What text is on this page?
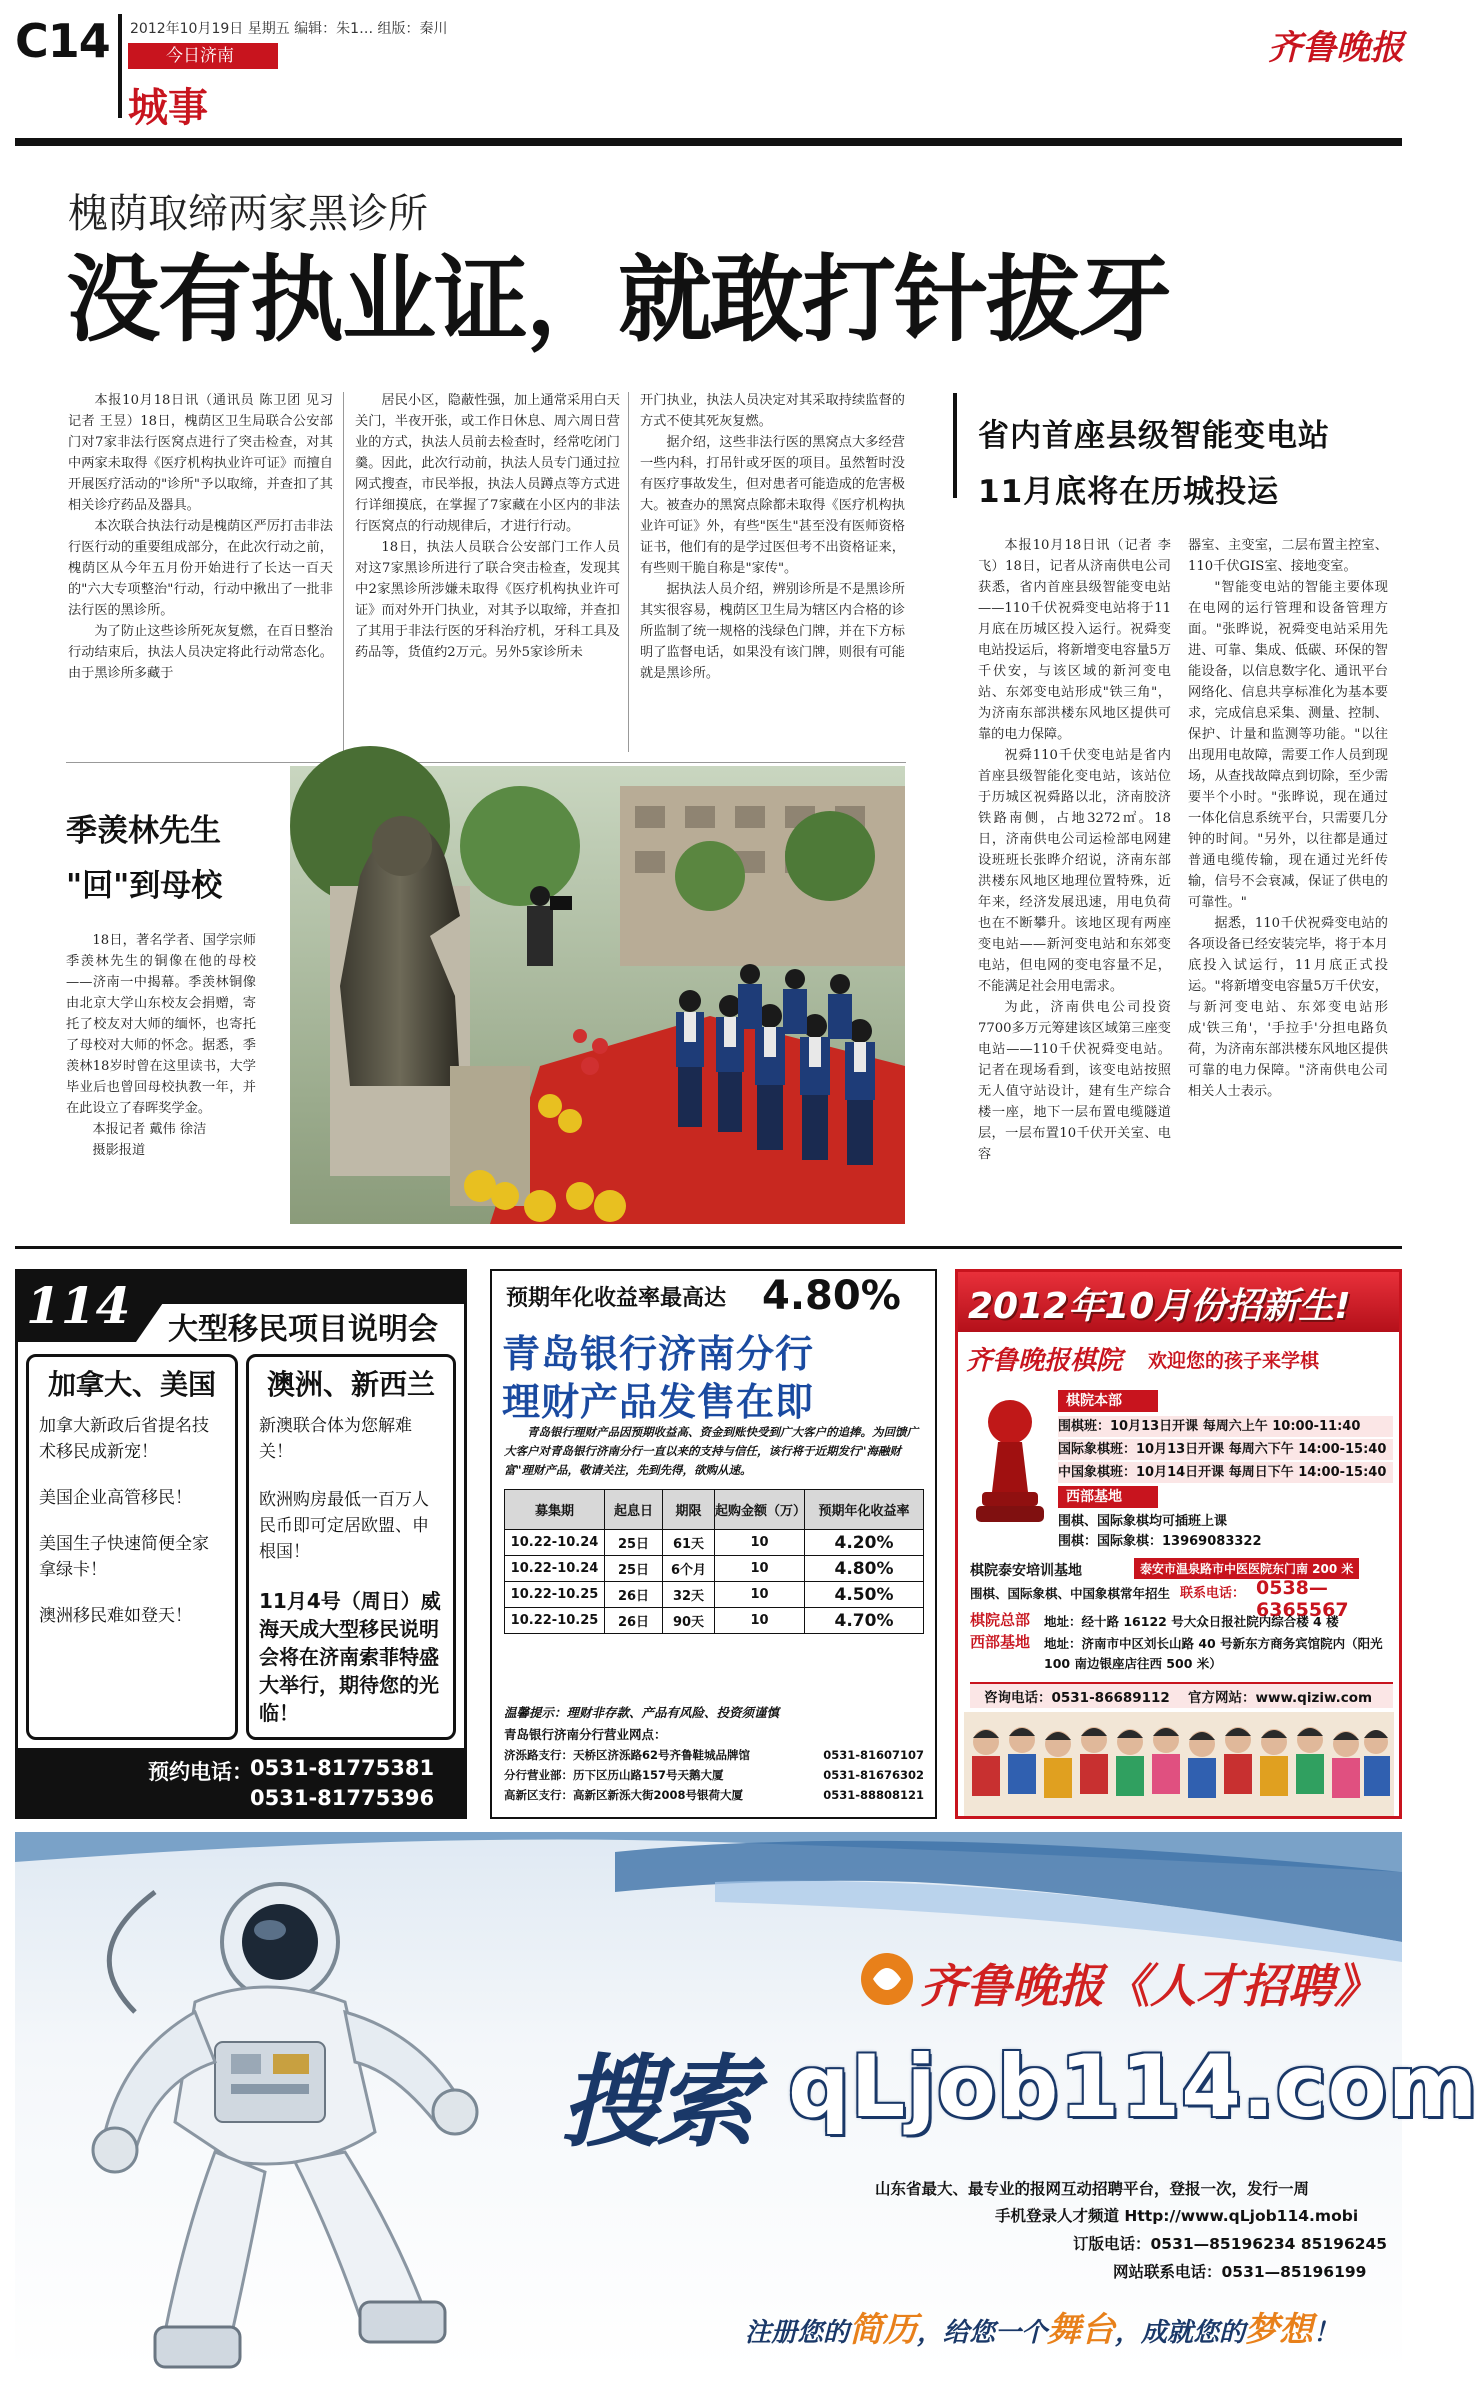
C14 2012年10月19日 星期五 编辑：朱1… 组版：秦川
今日济南
城事
齐鲁晚报
槐荫取缔两家黑诊所
没有执业证，就敢打针拔牙

本报10月18日讯（通讯员 陈卫团 见习记者 王昱）18日，槐荫区卫生局联合公安部门对7家非法行医窝点进行了突击检查，对其中两家未取得《医疗机构执业许可证》而擅自开展医疗活动的"诊所"予以取缔，并查扣了其相关诊疗药品及器具。

本次联合执法行动是槐荫区严厉打击非法行医行动的重要组成部分，在此次行动之前，槐荫区从今年五月份开始进行了长达一百天的"六大专项整治"行动，行动中揪出了一批非法行医的黑诊所。

为了防止这些诊所死灰复燃，在百日整治行动结束后，执法人员决定将此行动常态化。由于黑诊所多藏于

居民小区，隐蔽性强，加上通常采用白天关门，半夜开张，或工作日休息、周六周日营业的方式，执法人员前去检查时，经常吃闭门羹。因此，此次行动前，执法人员专门通过拉网式搜查，市民举报，执法人员蹲点等方式进行详细摸底，在掌握了7家藏在小区内的非法行医窝点的行动规律后，才进行行动。

18日，执法人员联合公安部门工作人员对这7家黑诊所进行了联合突击检查，发现其中2家黑诊所涉嫌未取得《医疗机构执业许可证》而对外开门执业，对其予以取缔，并查扣了其用于非法行医的牙科治疗机，牙科工具及药品等，货值约2万元。另外5家诊所未

开门执业，执法人员决定对其采取持续监督的方式不使其死灰复燃。

据介绍，这些非法行医的黑窝点大多经营一些内科，打吊针或牙医的项目。虽然暂时没有医疗事故发生，但对患者可能造成的危害极大。被查办的黑窝点除都未取得《医疗机构执业许可证》外，有些"医生"甚至没有医师资格证书，他们有的是学过医但考不出资格证来，有些则干脆自称是"家传"。

据执法人员介绍，辨别诊所是不是黑诊所其实很容易，槐荫区卫生局为辖区内合格的诊所监制了统一规格的浅绿色门牌，并在下方标明了监督电话，如果没有该门牌，则很有可能就是黑诊所。

省内首座县级智能变电站
11月底将在历城投运

本报10月18日讯（记者 李飞）18日，记者从济南供电公司获悉，省内首座县级智能变电站——110千伏祝舜变电站将于11月底在历城区投入运行。祝舜变电站投运后，将新增变电容量5万千伏安，与该区域的新河变电站、东郊变电站形成"铁三角"，为济南东部洪楼东风地区提供可靠的电力保障。

祝舜110千伏变电站是省内首座县级智能化变电站，该站位于历城区祝舜路以北，济南胶济铁路南侧，占地3272㎡。18日，济南供电公司运检部电网建设班班长张晔介绍说，济南东部洪楼东风地区地理位置特殊，近年来，经济发展迅速，用电负荷也在不断攀升。该地区现有两座变电站——新河变电站和东郊变电站，但电网的变电容量不足，不能满足社会用电需求。

为此，济南供电公司投资7700多万元筹建该区域第三座变电站——110千伏祝舜变电站。记者在现场看到，该变电站按照无人值守站设计，建有生产综合楼一座，地下一层布置电缆隧道层，一层布置10千伏开关室、电容

器室、主变室，二层布置主控室、110千伏GIS室、接地变室。

"智能变电站的智能主要体现在电网的运行管理和设备管理方面。"张晔说，祝舜变电站采用先进、可靠、集成、低碳、环保的智能设备，以信息数字化、通讯平台网络化、信息共享标准化为基本要求，完成信息采集、测量、控制、保护、计量和监测等功能。"以往出现用电故障，需要工作人员到现场，从查找故障点到切除，至少需要半个小时。"张晔说，现在通过一体化信息系统平台，只需要几分钟的时间。"另外，以往都是通过普通电缆传输，现在通过光纤传输，信号不会衰减，保证了供电的可靠性。"

据悉，110千伏祝舜变电站的各项设备已经安装完毕，将于本月底投入试运行，11月底正式投运。"将新增变电容量5万千伏安，与新河变电站、东郊变电站形成'铁三角'，'手拉手'分担电路负荷，为济南东部洪楼东风地区提供可靠的电力保障。"济南供电公司相关人士表示。

季羡林先生
"回"到母校

18日，著名学者、国学宗师季羡林先生的铜像在他的母校——济南一中揭幕。季羡林铜像由北京大学山东校友会捐赠，寄托了校友对大师的缅怀，也寄托了母校对大师的怀念。据悉，季羡林18岁时曾在这里读书，大学毕业后也曾回母校执教一年，并在此设立了春晖奖学金。

本报记者 戴伟 徐洁
摄影报道
114 大型移民项目说明会
加拿大、美国
加拿大新政后省提名技术移民成新宠！
美国企业高管移民！
美国生子快速简便全家拿绿卡！
澳洲移民难如登天！
澳洲、新西兰
新澳联合体为您解难关！
欧洲购房最低一百万人民币即可定居欧盟、申根国！
11月4号（周日）威海天成大型移民说明会将在济南索菲特盛大举行，期待您的光临！
预约电话：
0531-81775381
0531-81775396
预期年化收益率最高达 4.80%
青岛银行济南分行
理财产品发售在即
青岛银行理财产品因预期收益高、资金到账快受到广大客户的追捧。为回馈广大客户对青岛银行济南分行一直以来的支持与信任，该行将于近期发行"海融财富"理财产品，敬请关注，先到先得，欲购从速。
募集期	起息日	期限	起购金额（万）	预期年化收益率
10.22-10.24	25日	61天	10	4.20%
10.22-10.24	25日	6个月	10	4.80%
10.22-10.25	26日	32天	10	4.50%
10.22-10.25	26日	90天	10	4.70%
温馨提示：理财非存款、产品有风险、投资须谨慎
青岛银行济南分行营业网点：
济泺路支行：天桥区济泺路62号齐鲁鞋城品牌馆	0531-81607107
分行营业部：历下区历山路157号天鹅大厦	0531-81676302
高新区支行：高新区新泺大街2008号银荷大厦	0531-88808121
2012年10月份招新生!
齐鲁晚报棋院 欢迎您的孩子来学棋
棋院本部
围棋班：10月13日开课 每周六上午 10:00-11:40
国际象棋班：10月13日开课 每周六下午 14:00-15:40
中国象棋班：10月14日开课 每周日下午 14:00-15:40
西部基地
围棋、国际象棋均可插班上课
围棋：国际象棋：13969083322
棋院泰安培训基地	泰安市温泉路市中医医院东门南 200 米
围棋、国际象棋、中国象棋常年招生 联系电话： 0538—6365567
棋院总部 地址：经十路 16122 号大众日报社院内综合楼 4 楼
西部基地 地址：济南市中区刘长山路 40 号新东方商务宾馆院内（阳光 100 南边银座店往西 500 米）
咨询电话：0531-86689112 官方网站：www.qiziw.com
齐鲁晚报《人才招聘》
搜索 qLjob114.com
山东省最大、最专业的报网互动招聘平台，登报一次，发行一周
手机登录人才频道 Http://www.qLjob114.mobi
订版电话：0531—85196234 85196245
网站联系电话：0531—85196199
注册您的简历，给您一个舞台，成就您的梦想！
